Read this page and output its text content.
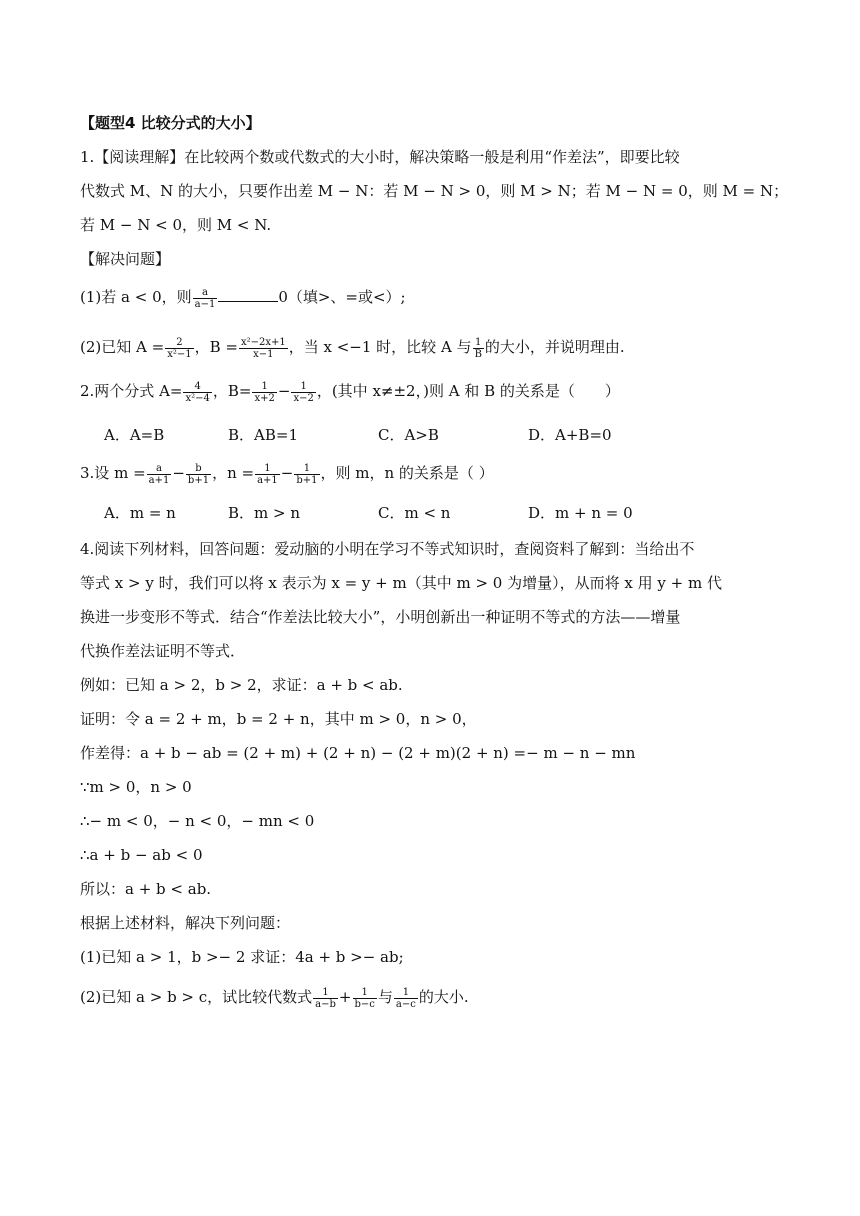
【题型4 比较分式的大小】
1.【阅读理解】在比较两个数或代数式的大小时，解决策略一般是利用“作差法”，即要比较
代数式 M、N 的大小，只要作出差 M − N：若 M − N > 0，则 M > N；若 M − N = 0，则 M = N；
若 M − N < 0，则 M < N.
【解决问题】
(1)若 a < 0，则 $\frac{a}{a-1}$	0（填>、=或<）;
(2)已知 $A = \frac{2}{\text{x²−1}}$ ，$B = \frac{\text{x²−2x+1}}{x-1}$ ，当 x <−1 时，比较 A 与 $\frac{1}{B}$ 的大小，并说明理由.
2.两个分式 $A= \frac{4}{\text{x²−4}}$ ，$B= \frac{1}{x+2} - \frac{1}{x-2}$ ，(其中 x≠±2，)则 A 和 B 的关系是（　　）
A．A=B	B．AB=1	C．A>B	D．A+B=0
3.设 $m = \frac{a}{a+1} - \frac{b}{b+1}$ ，$n = \frac{1}{a+1} - \frac{1}{b+1}$ ，则 m，n 的关系是（ ）
A．m = n	B．m > n	C．m < n	D．m + n = 0
4.阅读下列材料，回答问题：爱动脑的小明在学习不等式知识时，查阅资料了解到：当给出不
等式 x > y 时，我们可以将 x 表示为 x = y + m（其中 m > 0 为增量），从而将 x 用 y + m 代
换进一步变形不等式．结合“作差法比较大小”，小明创新出一种证明不等式的方法——增量
代换作差法证明不等式．
例如：已知 a > 2，b > 2，求证：a + b < ab.
证明：令 a = 2 + m，b = 2 + n，其中 m > 0，n > 0，
作差得：a + b − ab = (2 + m) + (2 + n) − (2 + m)(2 + n) =− m − n − mn
∵m > 0，n > 0
∴− m < 0，− n < 0，− mn < 0
∴a + b − ab < 0
所以：a + b < ab.
根据上述材料，解决下列问题：
(1)已知 a > 1，b >− 2 求证：4a + b >− ab;
(2)已知 a > b > c，试比较代数式 $\frac{1}{a-b} + \frac{1}{b-c}$ 与 $\frac{1}{a-c}$ 的大小.
